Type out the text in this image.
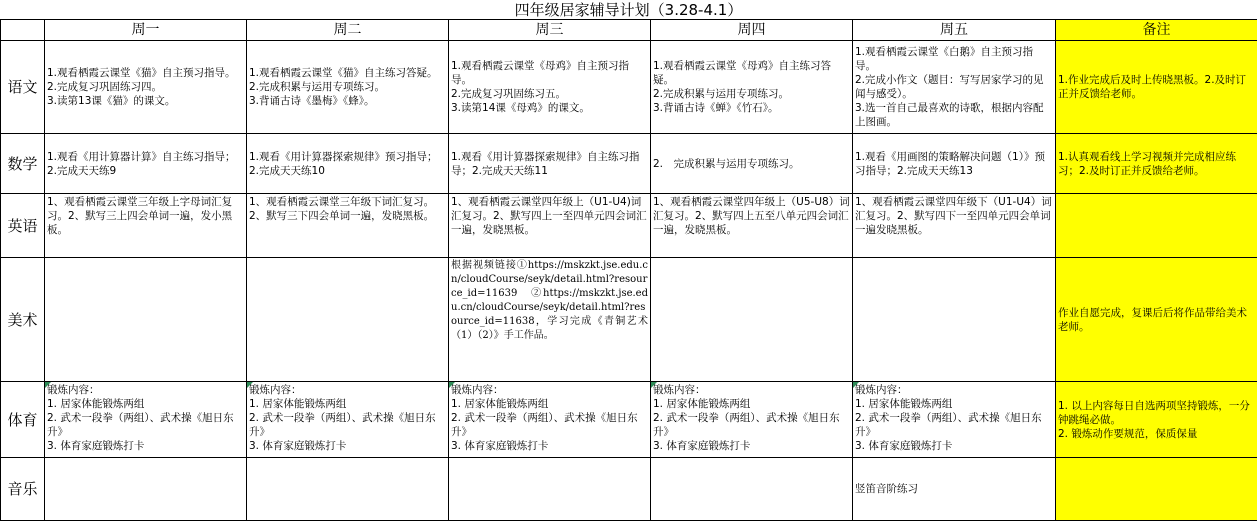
四年级居家辅导计划（3.28-4.1）
	周一	周二	周三	周四	周五	备注
语文	1.观看栖霞云课堂《猫》自主预习指导。
2.完成复习巩固练习四。
3.读第13课《猫》的课文。	1.观看栖霞云课堂《猫》自主练习答疑。
2.完成积累与运用专项练习。
3.背诵古诗《墨梅》《蜂》。	1.观看栖霞云课堂《母鸡》自主预习指导。
2.完成复习巩固练习五。
3.读第14课《母鸡》的课文。	1.观看栖霞云课堂《母鸡》自主练习答疑。
2.完成积累与运用专项练习。
3.背诵古诗《蝉》《竹石》。	1.观看栖霞云课堂《白鹅》自主预习指导。
2.完成小作文（题目：写写居家学习的见闻与感受）。
3.选一首自己最喜欢的诗歌，根据内容配上图画。	1.作业完成后及时上传晓黑板。2.及时订正并反馈给老师。
数学	1.观看《用计算器计算》自主练习指导；2.完成天天练9	1.观看《用计算器探索规律》预习指导；2.完成天天练10	1.观看《用计算器探索规律》自主练习指导；2.完成天天练11	2.　完成积累与运用专项练习。	1.观看《用画图的策略解决问题（1）》预习指导；2.完成天天练13	1.认真观看线上学习视频并完成相应练习；2.及时订正并反馈给老师。
英语	1、观看栖霞云课堂三年级上字母词汇复习。2、默写三上四会单词一遍，发小黑板。	1、观看栖霞云课堂三年级下词汇复习。2、默写三下四会单词一遍，发晓黑板。	1、观看栖霞云课堂四年级上（U1-U4)词汇复习。2、默写四上一至四单元四会词汇一遍，发晓黑板。	1、观看栖霞云课堂四年级上（U5-U8）词汇复习。2、默写四上五至八单元四会词汇一遍，发晓黑板。	1、观看栖霞云课堂四年级下（U1-U4）词汇复习。2、默写四下一至四单元四会单词一遍发晓黑板。	
美术			根据视频链接①https://mskzkt.jse.edu.cn/cloudCourse/seyk/detail.html?resource_id=11639　②https://mskzkt.jse.edu.cn/cloudCourse/seyk/detail.html?resource_id=11638，学习完成《青铜艺术（1）（2）》手工作品。			作业自愿完成，复课后后将作品带给美术老师。
体育	锻炼内容：
1. 居家体能锻炼两组
2. 武术一段拳（两组）、武术操《旭日东升》
3. 体育家庭锻炼打卡	锻炼内容：
1. 居家体能锻炼两组
2. 武术一段拳（两组）、武术操《旭日东升》
3. 体育家庭锻炼打卡	锻炼内容：
1. 居家体能锻炼两组
2. 武术一段拳（两组）、武术操《旭日东升》
3. 体育家庭锻炼打卡	锻炼内容：
1. 居家体能锻炼两组
2. 武术一段拳（两组）、武术操《旭日东升》
3. 体育家庭锻炼打卡	锻炼内容：
1. 居家体能锻炼两组
2. 武术一段拳（两组）、武术操《旭日东升》
3. 体育家庭锻炼打卡	1. 以上内容每日自选两项坚持锻炼，一分钟跳绳必做。
2. 锻炼动作要规范，保质保量
音乐					竖笛音阶练习	
